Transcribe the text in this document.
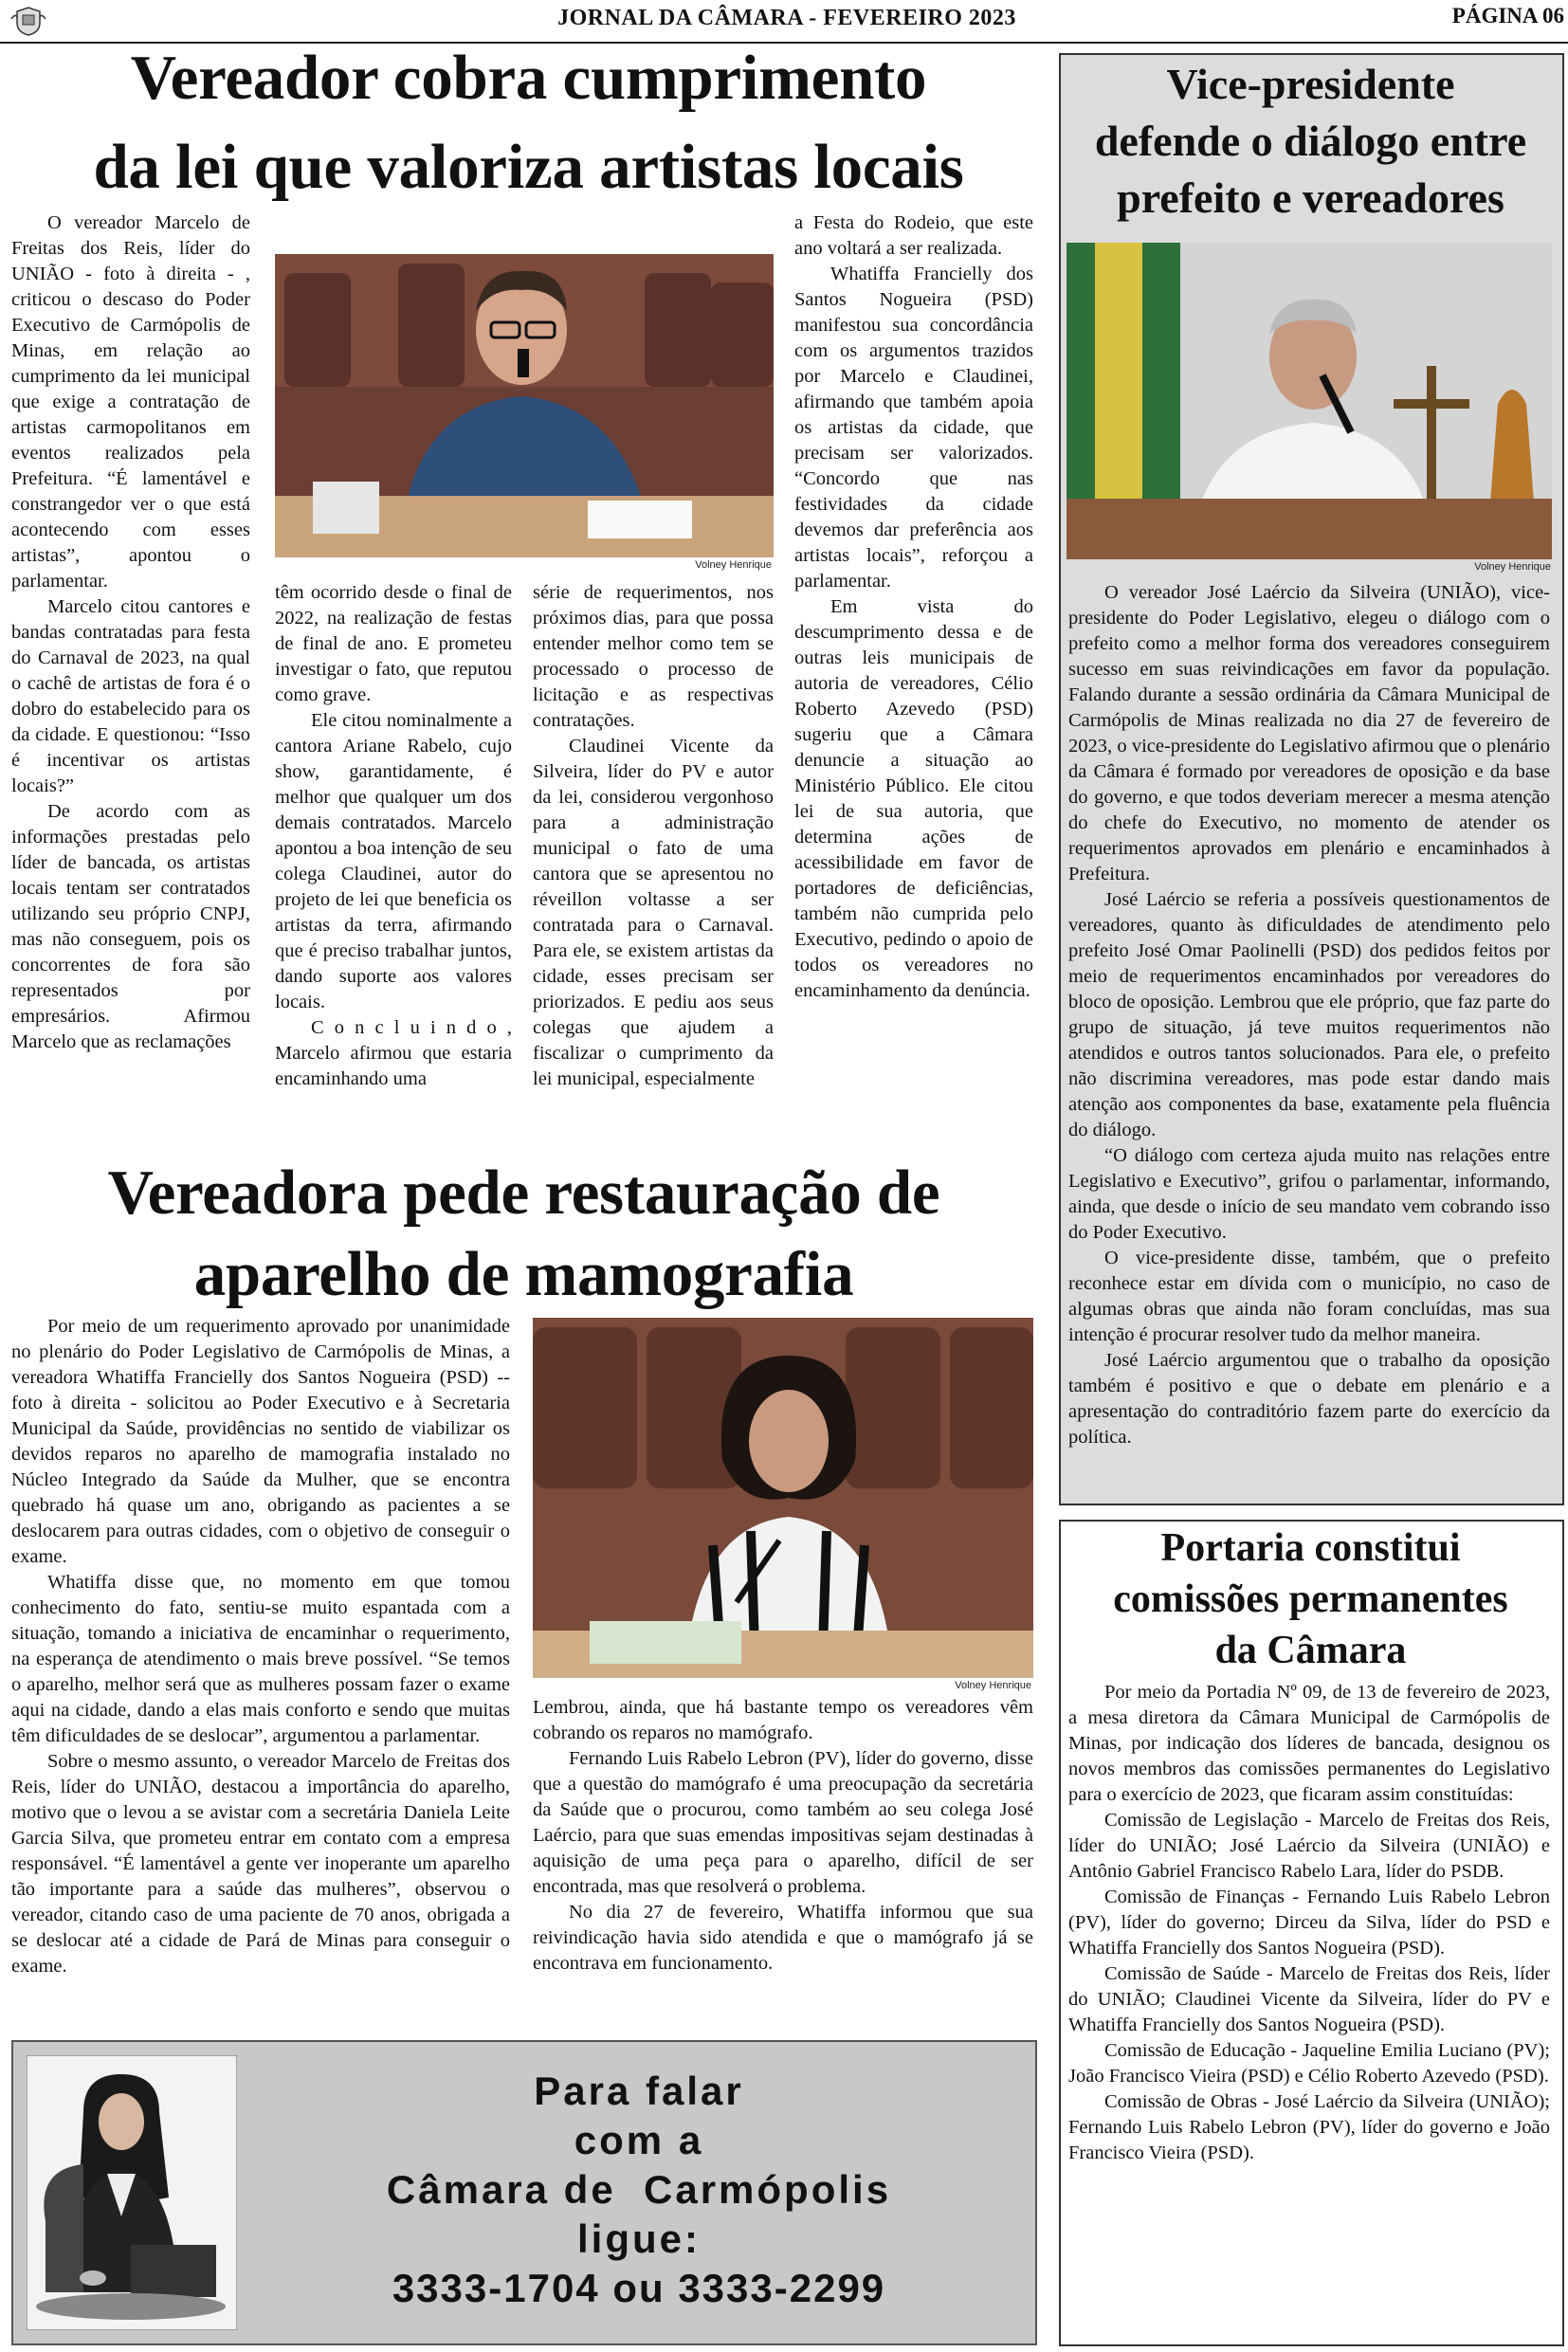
JORNAL DA CÂMARA - FEVEREIRO 2023	PÁGINA 06
Vereador cobra cumprimento
da lei que valoriza artistas locais

O vereador Marcelo de Freitas dos Reis, líder do UNIÃO - foto à direita - , criticou o descaso do Poder Executivo de Carmópolis de Minas, em relação ao cumprimento da lei municipal que exige a contratação de artistas carmopolitanos em eventos realizados pela Prefeitura. “É lamentável e constrangedor ver o que está acontecendo com esses artistas”, apontou o parlamentar.

Marcelo citou cantores e bandas contratadas para festa do Carnaval de 2023, na qual o cachê de artistas de fora é o dobro do estabelecido para os da cidade. E questionou: “Isso é incentivar os artistas locais?”

De acordo com as informações prestadas pelo líder de bancada, os artistas locais tentam ser contratados utilizando seu próprio CNPJ, mas não conseguem, pois os concorrentes de fora são representados por empresários. Afirmou Marcelo que as reclamações

Volney Henrique

têm ocorrido desde o final de 2022, na realização de festas de final de ano. E prometeu investigar o fato, que reputou como grave.

Ele citou nominalmente a cantora Ariane Rabelo, cujo show, garantidamente, é melhor que qualquer um dos demais contratados. Marcelo apontou a boa intenção de seu colega Claudinei, autor do projeto de lei que beneficia os artistas da terra, afirmando que é preciso trabalhar juntos, dando suporte aos valores locais.

C o n c l u i n d o , Marcelo afirmou que estaria encaminhando uma

série de requerimentos, nos próximos dias, para que possa entender melhor como tem se processado o processo de licitação e as respectivas contratações.

Claudinei Vicente da Silveira, líder do PV e autor da lei, considerou vergonhoso para a administração municipal o fato de uma cantora que se apresentou no réveillon voltasse a ser contratada para o Carnaval. Para ele, se existem artistas da cidade, esses precisam ser priorizados. E pediu aos seus colegas que ajudem a fiscalizar o cumprimento da lei municipal, especialmente

a Festa do Rodeio, que este ano voltará a ser realizada.

Whatiffa Francielly dos Santos Nogueira (PSD) manifestou sua concordância com os argumentos trazidos por Marcelo e Claudinei, afirmando que também apoia os artistas da cidade, que precisam ser valorizados. “Concordo que nas festividades da cidade devemos dar preferência aos artistas locais”, reforçou a parlamentar.

Em vista do descumprimento dessa e de outras leis municipais de autoria de vereadores, Célio Roberto Azevedo (PSD) sugeriu que a Câmara denuncie a situação ao Ministério Público. Ele citou lei de sua autoria, que determina ações de acessibilidade em favor de portadores de deficiências, também não cumprida pelo Executivo, pedindo o apoio de todos os vereadores no encaminhamento da denúncia.

Vereadora pede restauração de
aparelho de mamografia

Por meio de um requerimento aprovado por unanimidade no plenário do Poder Legislativo de Carmópolis de Minas, a vereadora Whatiffa Francielly dos Santos Nogueira (PSD) -- foto à direita - solicitou ao Poder Executivo e à Secretaria Municipal da Saúde, providências no sentido de viabilizar os devidos reparos no aparelho de mamografia instalado no Núcleo Integrado da Saúde da Mulher, que se encontra quebrado há quase um ano, obrigando as pacientes a se deslocarem para outras cidades, com o objetivo de conseguir o exame.

Whatiffa disse que, no momento em que tomou conhecimento do fato, sentiu-se muito espantada com a situação, tomando a iniciativa de encaminhar o requerimento, na esperança de atendimento o mais breve possível. “Se temos o aparelho, melhor será que as mulheres possam fazer o exame aqui na cidade, dando a elas mais conforto e sendo que muitas têm dificuldades de se deslocar”, argumentou a parlamentar.

Sobre o mesmo assunto, o vereador Marcelo de Freitas dos Reis, líder do UNIÃO, destacou a importância do aparelho, motivo que o levou a se avistar com a secretária Daniela Leite Garcia Silva, que prometeu entrar em contato com a empresa responsável. “É lamentável a gente ver inoperante um aparelho tão importante para a saúde das mulheres”, observou o vereador, citando caso de uma paciente de 70 anos, obrigada a se deslocar até a cidade de Pará de Minas para conseguir o exame.

Volney Henrique

Lembrou, ainda, que há bastante tempo os vereadores vêm cobrando os reparos no mamógrafo.

Fernando Luis Rabelo Lebron (PV), líder do governo, disse que a questão do mamógrafo é uma preocupação da secretária da Saúde que o procurou, como também ao seu colega José Laércio, para que suas emendas impositivas sejam destinadas à aquisição de uma peça para o aparelho, difícil de ser encontrada, mas que resolverá o problema.

No dia 27 de fevereiro, Whatiffa informou que sua reivindicação havia sido atendida e que o mamógrafo já se encontrava em funcionamento.

Vice-presidente
defende o diálogo entre
prefeito e vereadores
Volney Henrique

O vereador José Laércio da Silveira (UNIÃO), vice-presidente do Poder Legislativo, elegeu o diálogo com o prefeito como a melhor forma dos vereadores conseguirem sucesso em suas reivindicações em favor da população. Falando durante a sessão ordinária da Câmara Municipal de Carmópolis de Minas realizada no dia 27 de fevereiro de 2023, o vice-presidente do Legislativo afirmou que o plenário da Câmara é formado por vereadores de oposição e da base do governo, e que todos deveriam merecer a mesma atenção do chefe do Executivo, no momento de atender os requerimentos aprovados em plenário e encaminhados à Prefeitura.

José Laércio se referia a possíveis questionamentos de vereadores, quanto às dificuldades de atendimento pelo prefeito José Omar Paolinelli (PSD) dos pedidos feitos por meio de requerimentos encaminhados por vereadores do bloco de oposição. Lembrou que ele próprio, que faz parte do grupo de situação, já teve muitos requerimentos não atendidos e outros tantos solucionados. Para ele, o prefeito não discrimina vereadores, mas pode estar dando mais atenção aos componentes da base, exatamente pela fluência do diálogo.

“O diálogo com certeza ajuda muito nas relações entre Legislativo e Executivo”, grifou o parlamentar, informando, ainda, que desde o início de seu mandato vem cobrando isso do Poder Executivo.

O vice-presidente disse, também, que o prefeito reconhece estar em dívida com o município, no caso de algumas obras que ainda não foram concluídas, mas sua intenção é procurar resolver tudo da melhor maneira.

José Laércio argumentou que o trabalho da oposição também é positivo e que o debate em plenário e a apresentação do contraditório fazem parte do exercício da política.

Portaria constitui
comissões permanentes
da Câmara

Por meio da Portadia Nº 09, de 13 de fevereiro de 2023, a mesa diretora da Câmara Municipal de Carmópolis de Minas, por indicação dos líderes de bancada, designou os novos membros das comissões permanentes do Legislativo para o exercício de 2023, que ficaram assim constituídas:

Comissão de Legislação - Marcelo de Freitas dos Reis, líder do UNIÃO; José Laércio da Silveira (UNIÃO) e Antônio Gabriel Francisco Rabelo Lara, líder do PSDB.

Comissão de Finanças - Fernando Luis Rabelo Lebron (PV), líder do governo; Dirceu da Silva, líder do PSD e Whatiffa Francielly dos Santos Nogueira (PSD).

Comissão de Saúde - Marcelo de Freitas dos Reis, líder do UNIÃO; Claudinei Vicente da Silveira, líder do PV e Whatiffa Francielly dos Santos Nogueira (PSD).

Comissão de Educação - Jaqueline Emilia Luciano (PV); João Francisco Vieira (PSD) e Célio Roberto Azevedo (PSD).

Comissão de Obras - José Laércio da Silveira (UNIÃO); Fernando Luis Rabelo Lebron (PV), líder do governo e João Francisco Vieira (PSD).

Para falar
com a
Câmara de  Carmópolis
ligue:
3333-1704 ou 3333-2299
